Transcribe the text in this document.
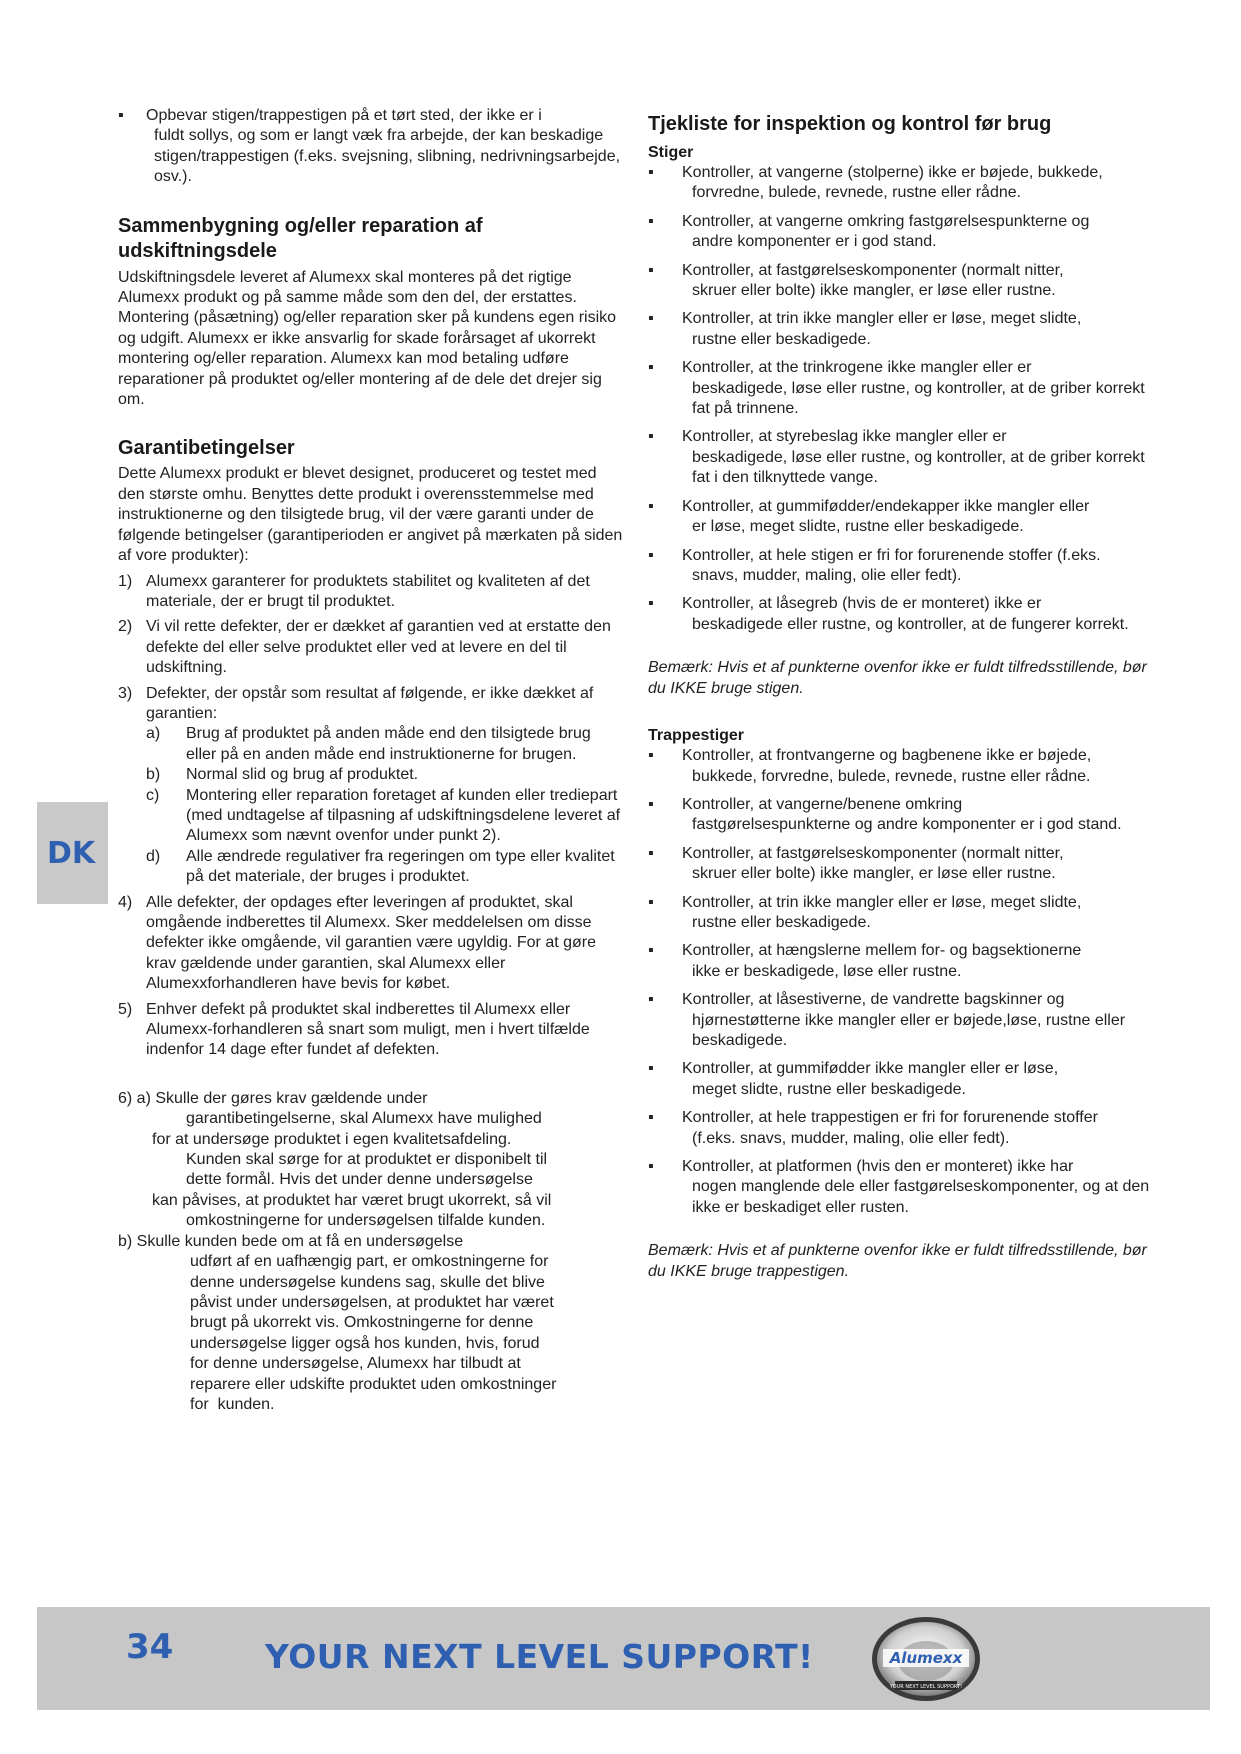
▪ Opbevar stigen/trappestigen på et tørt sted, der ikke er i
fuldt sollys, og som er langt væk fra arbejde, der kan beskadige stigen/trappestigen (f.eks. svejsning, slibning, nedrivningsarbejde, osv.).
Sammenbygning og/eller reparation af udskiftningsdele

Udskiftningsdele leveret af Alumexx skal monteres på det rigtige Alumexx produkt og på samme måde som den del, der erstattes. Montering (påsætning) og/eller reparation sker på kundens egen risiko og udgift. Alumexx er ikke ansvarlig for skade forårsaget af ukorrekt montering og/eller reparation. Alumexx kan mod betaling udføre reparationer på produktet og/eller montering af de dele det drejer sig om.

Garantibetingelser

Dette Alumexx produkt er blevet designet, produceret og testet med den største omhu. Benyttes dette produkt i overensstemmelse med instruktionerne og den tilsigtede brug, vil der være garanti under de følgende betingelser (garantiperioden er angivet på mærkaten på siden af vore produkter):

1) Alumexx garanterer for produktets stabilitet og kvaliteten af det materiale, der er brugt til produktet.
2) Vi vil rette defekter, der er dækket af garantien ved at erstatte den defekte del eller selve produktet eller ved at levere en del til udskiftning.
3) Defekter, der opstår som resultat af følgende, er ikke dækket af garantien:
a) Brug af produktet på anden måde end den tilsigtede brug eller på en anden måde end instruktionerne for brugen.
b) Normal slid og brug af produktet.
c) Montering eller reparation foretaget af kunden eller trediepart (med undtagelse af tilpasning af udskiftningsdelene leveret af Alumexx som nævnt ovenfor under punkt 2).
d) Alle ændrede regulativer fra regeringen om type eller kvalitet på det materiale, der bruges i produktet.
4) Alle defekter, der opdages efter leveringen af produktet, skal omgående indberettes til Alumexx. Sker meddelelsen om disse defekter ikke omgående, vil garantien være ugyldig. For at gøre krav gældende under garantien, skal Alumexx eller Alumexxforhandleren have bevis for købet.
5) Enhver defekt på produktet skal indberettes til Alumexx eller Alumexx-forhandleren så snart som muligt, men i hvert tilfælde indenfor 14 dage efter fundet af defekten.

6) a) Skulle der gøres krav gældende under

garantibetingelserne, skal Alumexx have mulighed

for at undersøge produktet i egen kvalitetsafdeling.

Kunden skal sørge for at produktet er disponibelt til

dette formål. Hvis det under denne undersøgelse

kan påvises, at produktet har været brugt ukorrekt, så vil

omkostningerne for undersøgelsen tilfalde kunden.

b) Skulle kunden bede om at få en undersøgelse

udført af en uafhængig part, er omkostningerne for

denne undersøgelse kundens sag, skulle det blive

påvist under undersøgelsen, at produktet har været

brugt på ukorrekt vis. Omkostningerne for denne

undersøgelse ligger også hos kunden, hvis, forud

for denne undersøgelse, Alumexx har tilbudt at

reparere eller udskifte produktet uden omkostninger

for  kunden.

Tjekliste for inspektion og kontrol før brug
Stiger
▪ Kontroller, at vangerne (stolperne) ikke er bøjede, bukkede,
forvredne, bulede, revnede, rustne eller rådne.
▪ Kontroller, at vangerne omkring fastgørelsespunkterne og
andre komponenter er i god stand.
▪ Kontroller, at fastgørelseskomponenter (normalt nitter,
skruer eller bolte) ikke mangler, er løse eller rustne.
▪ Kontroller, at trin ikke mangler eller er løse, meget slidte,
rustne eller beskadigede.
▪ Kontroller, at the trinkrogene ikke mangler eller er
beskadigede, løse eller rustne, og kontroller, at de griber korrekt fat på trinnene.
▪ Kontroller, at styrebeslag ikke mangler eller er
beskadigede, løse eller rustne, og kontroller, at de griber korrekt fat i den tilknyttede vange.
▪ Kontroller, at gummifødder/endekapper ikke mangler eller
er løse, meget slidte, rustne eller beskadigede.
▪ Kontroller, at hele stigen er fri for forurenende stoffer (f.eks.
snavs, mudder, maling, olie eller fedt).
▪ Kontroller, at låsegreb (hvis de er monteret) ikke er
beskadigede eller rustne, og kontroller, at de fungerer korrekt.

Bemærk: Hvis et af punkterne ovenfor ikke er fuldt tilfredsstillende, bør du IKKE bruge stigen.

Trappestiger
▪ Kontroller, at frontvangerne og bagbenene ikke er bøjede,
bukkede, forvredne, bulede, revnede, rustne eller rådne.
▪ Kontroller, at vangerne/benene omkring
fastgørelsespunkterne og andre komponenter er i god stand.
▪ Kontroller, at fastgørelseskomponenter (normalt nitter,
skruer eller bolte) ikke mangler, er løse eller rustne.
▪ Kontroller, at trin ikke mangler eller er løse, meget slidte,
rustne eller beskadigede.
▪ Kontroller, at hængslerne mellem for- og bagsektionerne
ikke er beskadigede, løse eller rustne.
▪ Kontroller, at låsestiverne, de vandrette bagskinner og
hjørnestøtterne ikke mangler eller er bøjede,løse, rustne eller beskadigede.
▪ Kontroller, at gummifødder ikke mangler eller er løse,
meget slidte, rustne eller beskadigede.
▪ Kontroller, at hele trappestigen er fri for forurenende stoffer
(f.eks. snavs, mudder, maling, olie eller fedt).
▪ Kontroller, at platformen (hvis den er monteret) ikke har
nogen manglende dele eller fastgørelseskomponenter, og at den ikke er beskadiget eller rusten.

Bemærk: Hvis et af punkterne ovenfor ikke er fuldt tilfredsstillende, bør du IKKE bruge trappestigen.

DK
34	YOUR NEXT LEVEL SUPPORT!	Alumexx
YOUR NEXT LEVEL SUPPORT!
